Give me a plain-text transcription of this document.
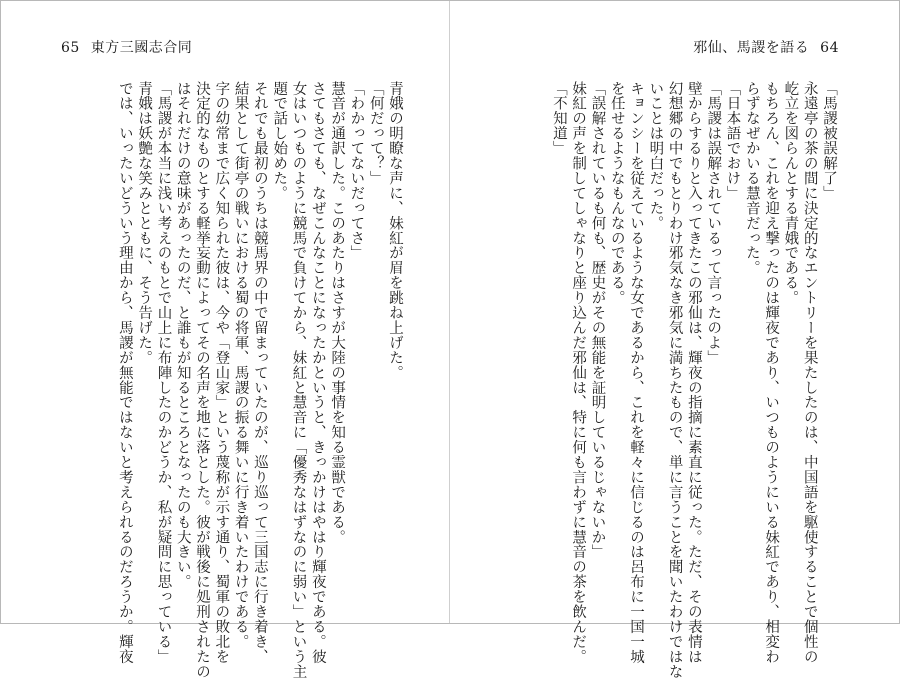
65 東方三國志合同
青娥の明瞭な声に、妹紅が眉を跳ね上げた。
「何だって？」
「わかってないだってさ」
慧音が通訳した。このあたりはさすが大陸の事情を知る霊獣である。
さてもさても、なぜこんなことになったかというと、きっかけはやはり輝夜である。彼
女はいつものように競馬で負けてから、妹紅と慧音に「優秀なはずなのに弱い」という主
題で話し始めた。
それでも最初のうちは競馬界の中で留まっていたのが、巡り巡って三国志に行き着き、
結果として街亭の戦いにおける蜀の将軍、馬謖の振る舞いに行き着いたわけである。
字の幼常まで広く知られた彼は、今や「登山家」という蔑称が示す通り、蜀軍の敗北を
決定的なものとする軽挙妄動によってその名声を地に落とした。彼が戦後に処刑されたの
はそれだけの意味があったのだ、と誰もが知るところとなったのも大きい。
「馬謖が本当に浅い考えのもとで山上に布陣したのかどうか、私が疑問に思っている」
青娥は妖艶な笑みとともに、そう告げた。
では、いったいどういう理由から、馬謖が無能ではないと考えられるのだろうか。輝夜
邪仙、馬謖を語る 64
「馬謖被誤解了」
永遠亭の茶の間に決定的なエントリーを果たしたのは、中国語を駆使することで個性の
屹立を図らんとする青娥である。
もちろん、これを迎え撃ったのは輝夜であり、いつものようにいる妹紅であり、相変わ
らずなぜかいる慧音だった。
「日本語でおけ」
「馬謖は誤解されているって言ったのよ」
壁からするりと入ってきたこの邪仙は、輝夜の指摘に素直に従った。ただ、その表情は
幻想郷の中でもとりわけ邪気なき邪気に満ちたもので、単に言うことを聞いたわけではな
いことは明白だった。
キョンシーを従えているような女であるから、これを軽々に信じるのは呂布に一国一城
を任せるようなもんなのである。
「誤解されているも何も、歴史がその無能を証明しているじゃないか」
妹紅の声を制してしゃなりと座り込んだ邪仙は、特に何も言わずに慧音の茶を飲んだ。
「不知道」
